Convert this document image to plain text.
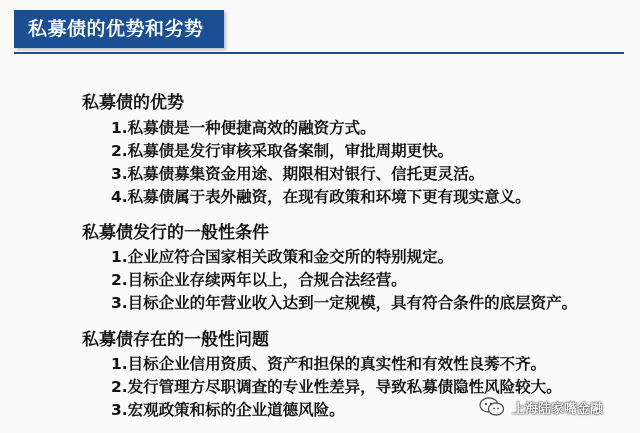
私募债的优势和劣势
私募债的优势
1.私募债是一种便捷高效的融资方式。
2.私募债是发行审核采取备案制，审批周期更快。
3.私募债募集资金用途、期限相对银行、信托更灵活。
4.私募债属于表外融资，在现有政策和环境下更有现实意义。
私募债发行的一般性条件
1.企业应符合国家相关政策和金交所的特别规定。
2.目标企业存续两年以上，合规合法经营。
3.目标企业的年营业收入达到一定规模，具有符合条件的底层资产。
私募债存在的一般性问题
1.目标企业信用资质、资产和担保的真实性和有效性良莠不齐。
2.发行管理方尽职调查的专业性差异，导致私募债隐性风险较大。
3.宏观政策和标的企业道德风险。	上海陆家嘴金融
